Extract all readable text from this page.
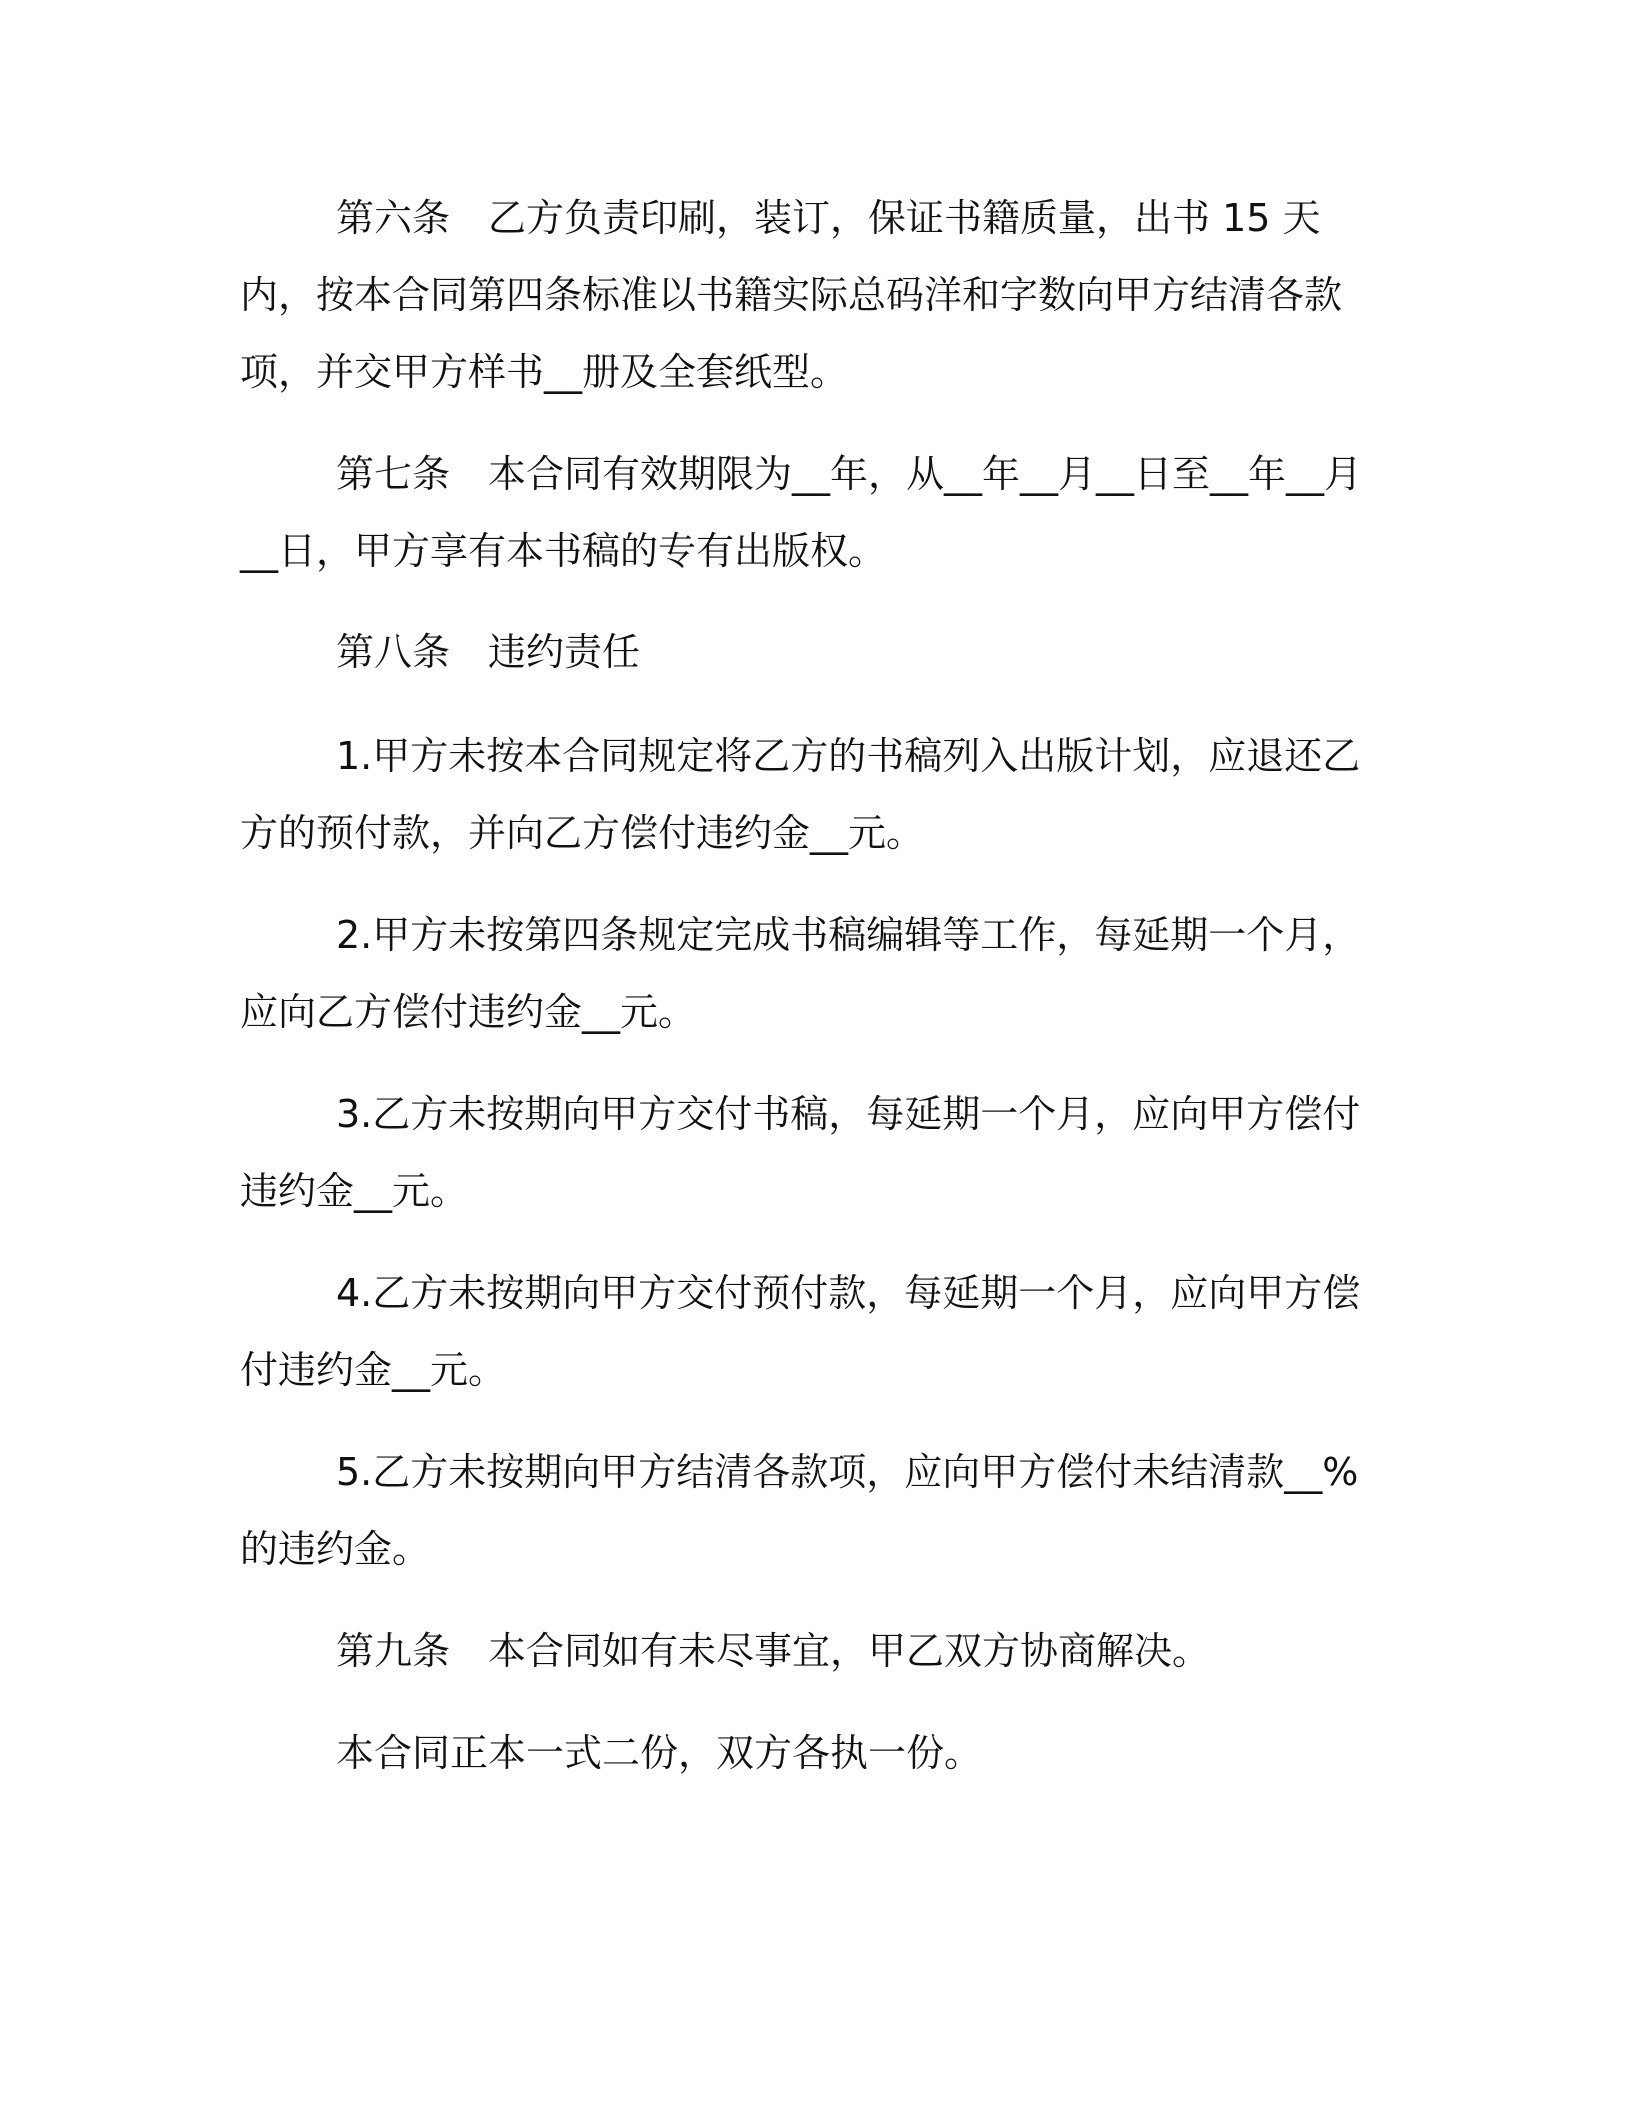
第六条　乙方负责印刷，装订，保证书籍质量，出书 15 天内，按本合同第四条标准以书籍实际总码洋和字数向甲方结清各款项，并交甲方样书__册及全套纸型。

第七条　本合同有效期限为__年，从__年__月__日至__年__月__日，甲方享有本书稿的专有出版权。

第八条　违约责任

1.甲方未按本合同规定将乙方的书稿列入出版计划，应退还乙方的预付款，并向乙方偿付违约金__元。

2.甲方未按第四条规定完成书稿编辑等工作，每延期一个月，应向乙方偿付违约金__元。

3.乙方未按期向甲方交付书稿，每延期一个月，应向甲方偿付违约金__元。

4.乙方未按期向甲方交付预付款，每延期一个月，应向甲方偿付违约金__元。

5.乙方未按期向甲方结清各款项，应向甲方偿付未结清款__%的违约金。

第九条　本合同如有未尽事宜，甲乙双方协商解决。

本合同正本一式二份，双方各执一份。
